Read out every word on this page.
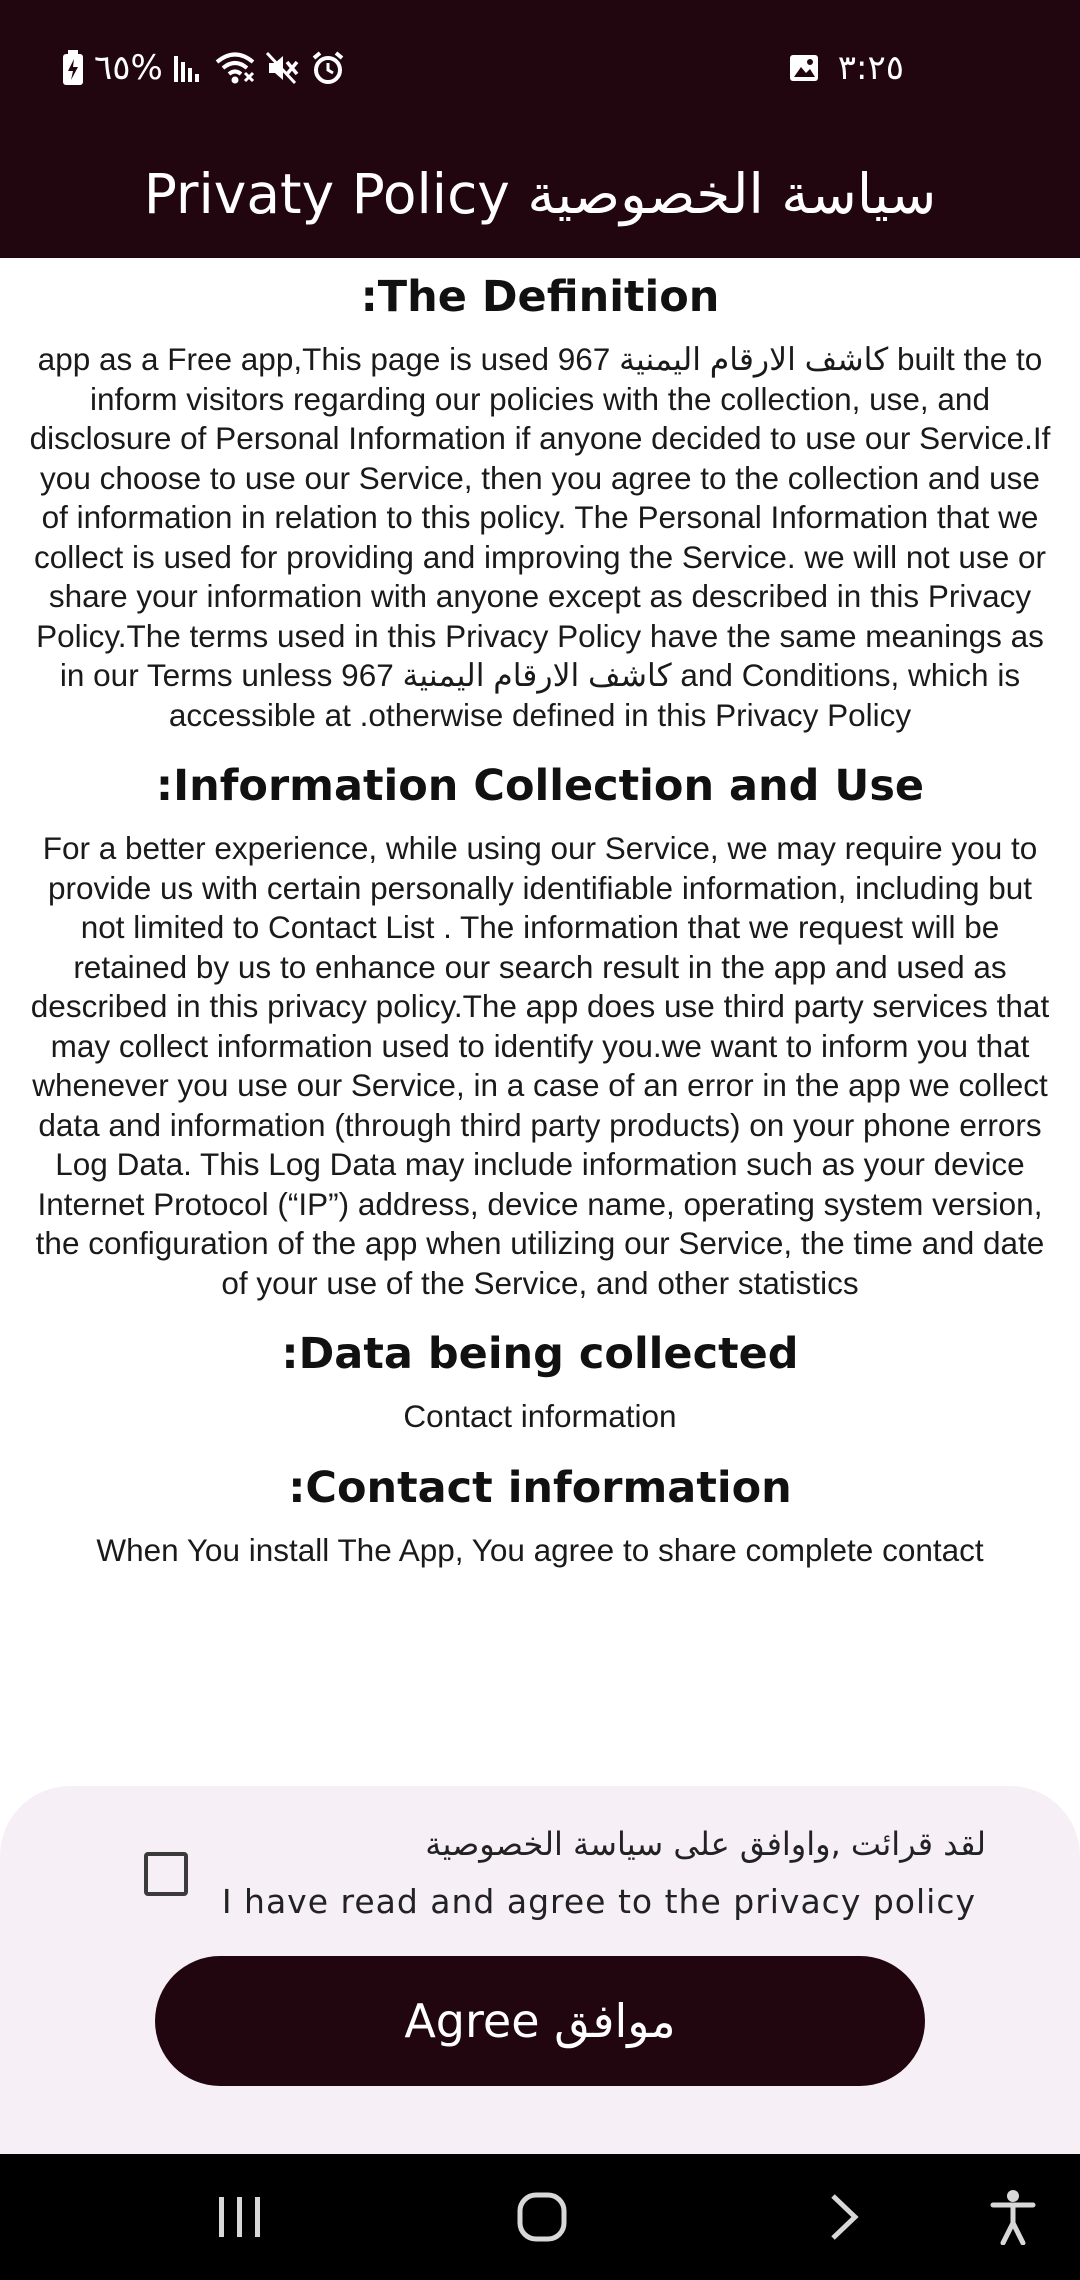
٦٥%	٣:٢٥
Privaty Policy سياسة الخصوصية
:The Definition

app as a Free app,This page is used 967 كاشف الارقام اليمنية built the to inform visitors regarding our policies with the collection, use, and disclosure of Personal Information if anyone decided to use our Service.If you choose to use our Service, then you agree to the collection and use of information in relation to this policy. The Personal Information that we collect is used for providing and improving the Service. we will not use or share your information with anyone except as described in this Privacy Policy.The terms used in this Privacy Policy have the same meanings as in our Terms unless 967 كاشف الارقام اليمنية and Conditions, which is accessible at .otherwise defined in this Privacy Policy

:Information Collection and Use

For a better experience, while using our Service, we may require you to provide us with certain personally identifiable information, including but not limited to Contact List . The information that we request will be retained by us to enhance our search result in the app and used as described in this privacy policy.The app does use third party services that may collect information used to identify you.we want to inform you that whenever you use our Service, in a case of an error in the app we collect data and information (through third party products) on your phone errors Log Data. This Log Data may include information such as your device Internet Protocol (“IP”) address, device name, operating system version, the configuration of the app when utilizing our Service, the time and date of your use of the Service, and other statistics

:Data being collected

Contact information

:Contact information

When You install The App, You agree to share complete contact

لقد قرائت ,واوافق على سياسة الخصوصية
I have read and agree to the privacy policy
Agree موافق
